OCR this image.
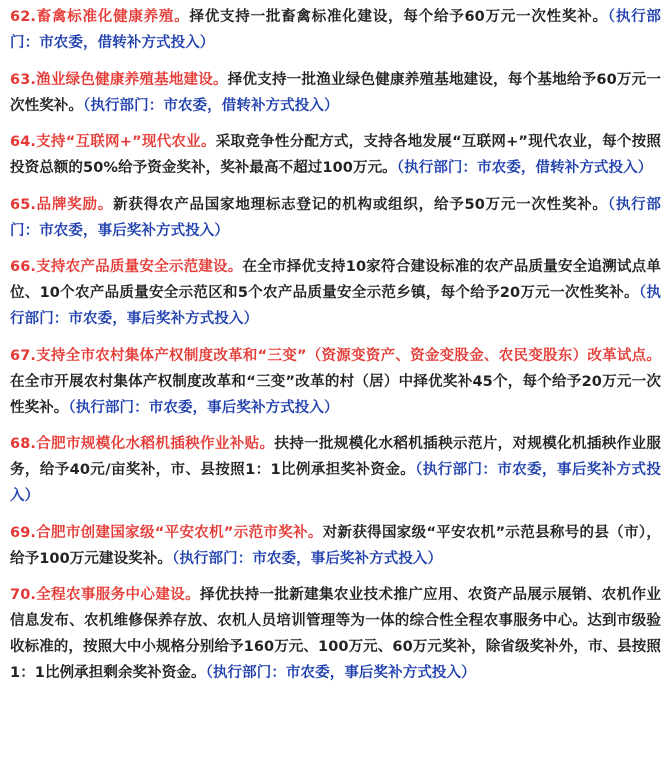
62.畜禽标准化健康养殖。择优支持一批畜禽标准化建设，每个给予60万元一次性奖补。（执行部门：市农委，借转补方式投入）

63.渔业绿色健康养殖基地建设。择优支持一批渔业绿色健康养殖基地建设，每个基地给予60万元一次性奖补。（执行部门：市农委，借转补方式投入）

64.支持“互联网+”现代农业。采取竞争性分配方式，支持各地发展“互联网+”现代农业，每个按照投资总额的50%给予资金奖补，奖补最高不超过100万元。（执行部门：市农委，借转补方式投入）

65.品牌奖励。新获得农产品国家地理标志登记的机构或组织，给予50万元一次性奖补。（执行部门：市农委，事后奖补方式投入）

66.支持农产品质量安全示范建设。在全市择优支持10家符合建设标准的农产品质量安全追溯试点单位、10个农产品质量安全示范区和5个农产品质量安全示范乡镇，每个给予20万元一次性奖补。（执行部门：市农委，事后奖补方式投入）

67.支持全市农村集体产权制度改革和“三变”（资源变资产、资金变股金、农民变股东）改革试点。在全市开展农村集体产权制度改革和“三变”改革的村（居）中择优奖补45个，每个给予20万元一次性奖补。（执行部门：市农委，事后奖补方式投入）

68.合肥市规模化水稻机插秧作业补贴。扶持一批规模化水稻机插秧示范片，对规模化机插秧作业服务，给予40元/亩奖补，市、县按照1：1比例承担奖补资金。（执行部门：市农委，事后奖补方式投入）

69.合肥市创建国家级“平安农机”示范市奖补。对新获得国家级“平安农机”示范县称号的县（市），给予100万元建设奖补。（执行部门：市农委，事后奖补方式投入）

70.全程农事服务中心建设。择优扶持一批新建集农业技术推广应用、农资产品展示展销、农机作业信息发布、农机维修保养存放、农机人员培训管理等为一体的综合性全程农事服务中心。达到市级验收标准的，按照大中小规格分别给予160万元、100万元、60万元奖补，除省级奖补外，市、县按照1：1比例承担剩余奖补资金。（执行部门：市农委，事后奖补方式投入）
